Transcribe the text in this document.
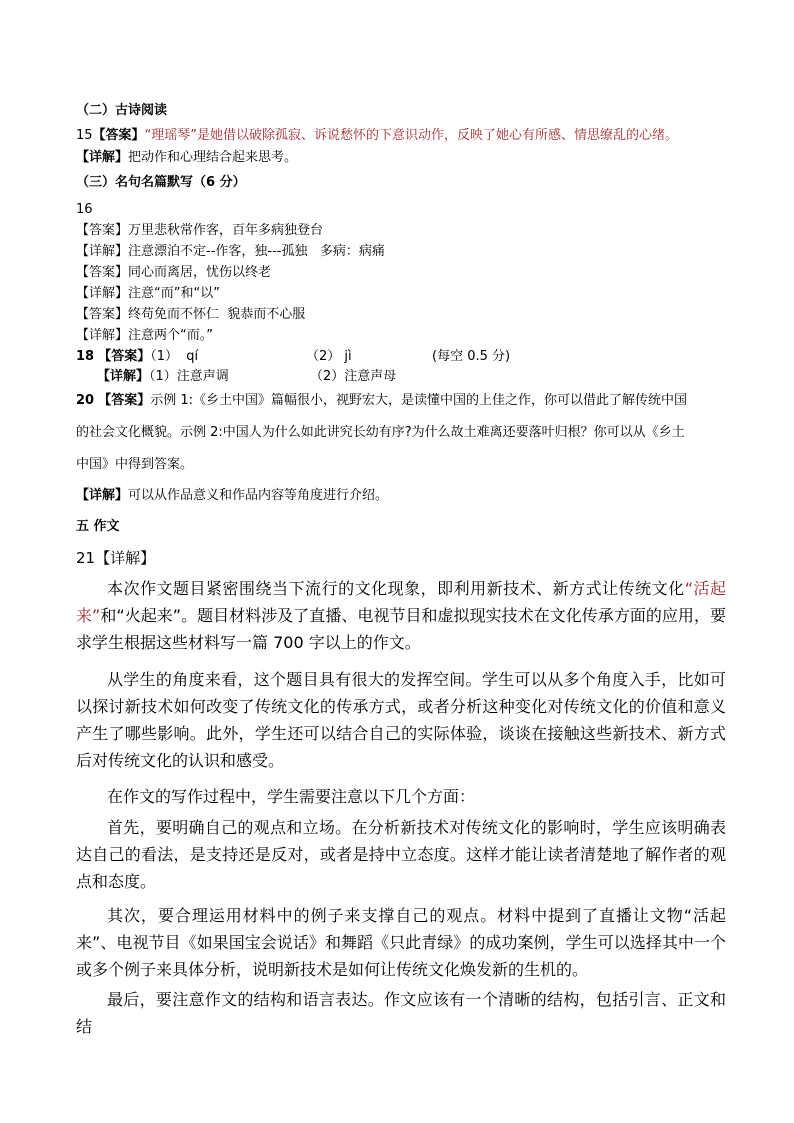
（二）古诗阅读
15【答案】“理瑶琴”是她借以破除孤寂、诉说愁怀的下意识动作，反映了她心有所感、情思缭乱的心绪。
【详解】把动作和心理结合起来思考。
（三）名句名篇默写（6 分）
16
【答案】万里悲秋常作客，百年多病独登台
【详解】注意漂泊不定--作客，独---孤独   多病：病痛
【答案】同心而离居，忧伤以终老
【详解】注意“而”和“以”
【答案】终苟免而不怀仁  貌恭而不心服
【详解】注意两个“而。”
18 【答案】（1）  qí	（2） jì	(每空 0.5 分)
【详解】（1）注意声调	（2）注意声母
20 【答案】示例 1:《乡土中国》篇幅很小，视野宏大，是读懂中国的上佳之作，你可以借此了解传统中国
的社会文化概貌。示例 2:中国人为什么如此讲究长幼有序?为什么故土难离还要落叶归根？你可以从《乡土
中国》中得到答案。
【详解】可以从作品意义和作品内容等角度进行介绍。
五 作文
21【详解】
本次作文题目紧密围绕当下流行的文化现象，即利用新技术、新方式让传统文化“活起来”和“火起来”。题目材料涉及了直播、电视节目和虚拟现实技术在文化传承方面的应用，要求学生根据这些材料写一篇 700 字以上的作文。
从学生的角度来看，这个题目具有很大的发挥空间。学生可以从多个角度入手，比如可以探讨新技术如何改变了传统文化的传承方式，或者分析这种变化对传统文化的价值和意义产生了哪些影响。此外，学生还可以结合自己的实际体验，谈谈在接触这些新技术、新方式后对传统文化的认识和感受。
在作文的写作过程中，学生需要注意以下几个方面：
首先，要明确自己的观点和立场。在分析新技术对传统文化的影响时，学生应该明确表达自己的看法，是支持还是反对，或者是持中立态度。这样才能让读者清楚地了解作者的观点和态度。
其次，要合理运用材料中的例子来支撑自己的观点。材料中提到了直播让文物“活起来”、电视节目《如果国宝会说话》和舞蹈《只此青绿》的成功案例，学生可以选择其中一个或多个例子来具体分析，说明新技术是如何让传统文化焕发新的生机的。
最后，要注意作文的结构和语言表达。作文应该有一个清晰的结构，包括引言、正文和结
